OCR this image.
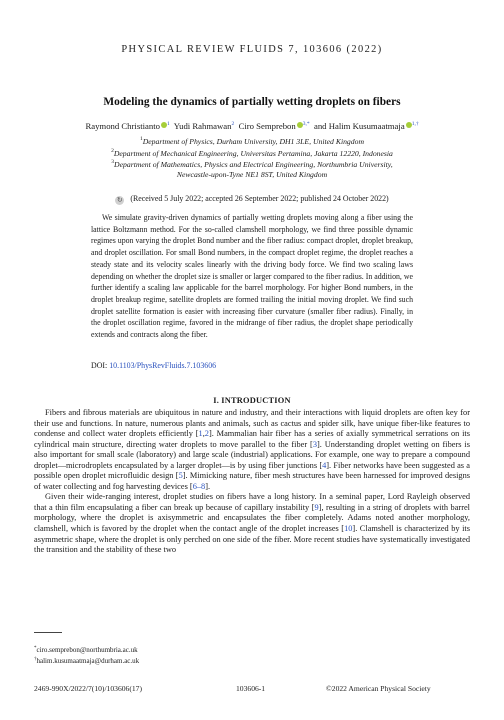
PHYSICAL REVIEW FLUIDS 7, 103606 (2022)
Modeling the dynamics of partially wetting droplets on fibers
Raymond Christianto $^1$ Yudi Rahmawan$^2$ Ciro Semprebon $^{3,*}$ and Halim Kusumaatmaja $^{1,\dagger}$
$^1$Department of Physics, Durham University, DH1 3LE, United Kingdom
$^2$Department of Mechanical Engineering, Universitas Pertamina, Jakarta 12220, Indonesia
$^3$Department of Mathematics, Physics and Electrical Engineering, Northumbria University,
Newcastle-upon-Tyne NE1 8ST, United Kingdom
↻ (Received 5 July 2022; accepted 26 September 2022; published 24 October 2022)

We simulate gravity-driven dynamics of partially wetting droplets moving along a fiber using the lattice Boltzmann method. For the so-called clamshell morphology, we find three possible dynamic regimes upon varying the droplet Bond number and the fiber radius: compact droplet, droplet breakup, and droplet oscillation. For small Bond numbers, in the compact droplet regime, the droplet reaches a steady state and its velocity scales linearly with the driving body force. We find two scaling laws depending on whether the droplet size is smaller or larger compared to the fiber radius. In addition, we further identify a scaling law applicable for the barrel morphology. For higher Bond numbers, in the droplet breakup regime, satellite droplets are formed trailing the initial moving droplet. We find such droplet satellite formation is easier with increasing fiber curvature (smaller fiber radius). Finally, in the droplet oscillation regime, favored in the midrange of fiber radius, the droplet shape periodically extends and contracts along the fiber.

DOI: 10.1103/PhysRevFluids.7.103606
I. INTRODUCTION

Fibers and fibrous materials are ubiquitous in nature and industry, and their interactions with liquid droplets are often key for their use and functions. In nature, numerous plants and animals, such as cactus and spider silk, have unique fiber-like features to condense and collect water droplets efficiently [1,2]. Mammalian hair fiber has a series of axially symmetrical serrations on its cylindrical main structure, directing water droplets to move parallel to the fiber [3]. Understanding droplet wetting on fibers is also important for small scale (laboratory) and large scale (industrial) applications. For example, one way to prepare a compound droplet—microdroplets encapsulated by a larger droplet—is by using fiber junctions [4]. Fiber networks have been suggested as a possible open droplet microfluidic design [5]. Mimicking nature, fiber mesh structures have been harnessed for improved designs of water collecting and fog harvesting devices [6–8].

Given their wide-ranging interest, droplet studies on fibers have a long history. In a seminal paper, Lord Rayleigh observed that a thin film encapsulating a fiber can break up because of capillary instability [9], resulting in a string of droplets with barrel morphology, where the droplet is axisymmetric and encapsulates the fiber completely. Adams noted another morphology, clamshell, which is favored by the droplet when the contact angle of the droplet increases [10]. Clamshell is characterized by its asymmetric shape, where the droplet is only perched on one side of the fiber. More recent studies have systematically investigated the transition and the stability of these two

*ciro.semprebon@northumbria.ac.uk
†halim.kusumaatmaja@durham.ac.uk
2469-990X/2022/7(10)/103606(17)	103606-1	©2022 American Physical Society
